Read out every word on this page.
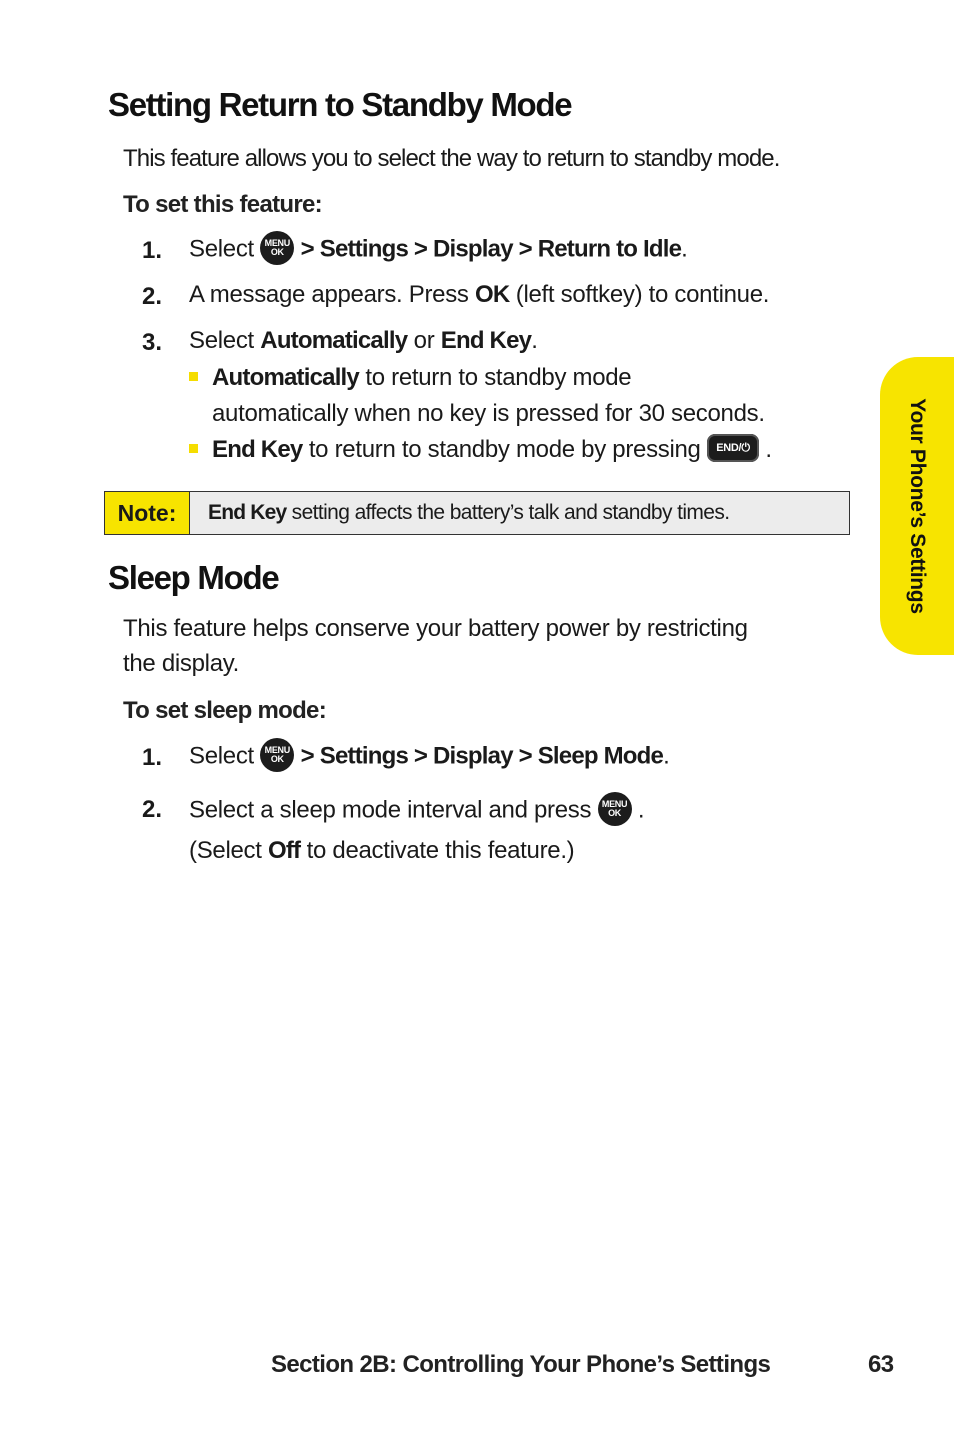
Setting Return to Standby Mode
This feature allows you to select the way to return to standby mode.
To set this feature:
1. Select	MENU
OK > Settings > Display > Return to Idle.
2. A message appears. Press OK (left softkey) to continue.
3. Select Automatically or End Key.
Automatically to return to standby mode
automatically when no key is pressed for 30 seconds.
End Key to return to standby mode by pressing END/⏻ .
Note:	End Key
setting affects the battery’s talk and standby times.
Sleep Mode
This feature helps conserve your battery power by restricting
the display.
To set sleep mode:
1. Select	MENU
OK > Settings > Display > Sleep Mode.
2. Select a sleep mode interval and press	MENU
OK .
(Select Off to deactivate this feature.)
Your Phone’s Settings
Section 2B: Controlling Your Phone’s Settings	63
